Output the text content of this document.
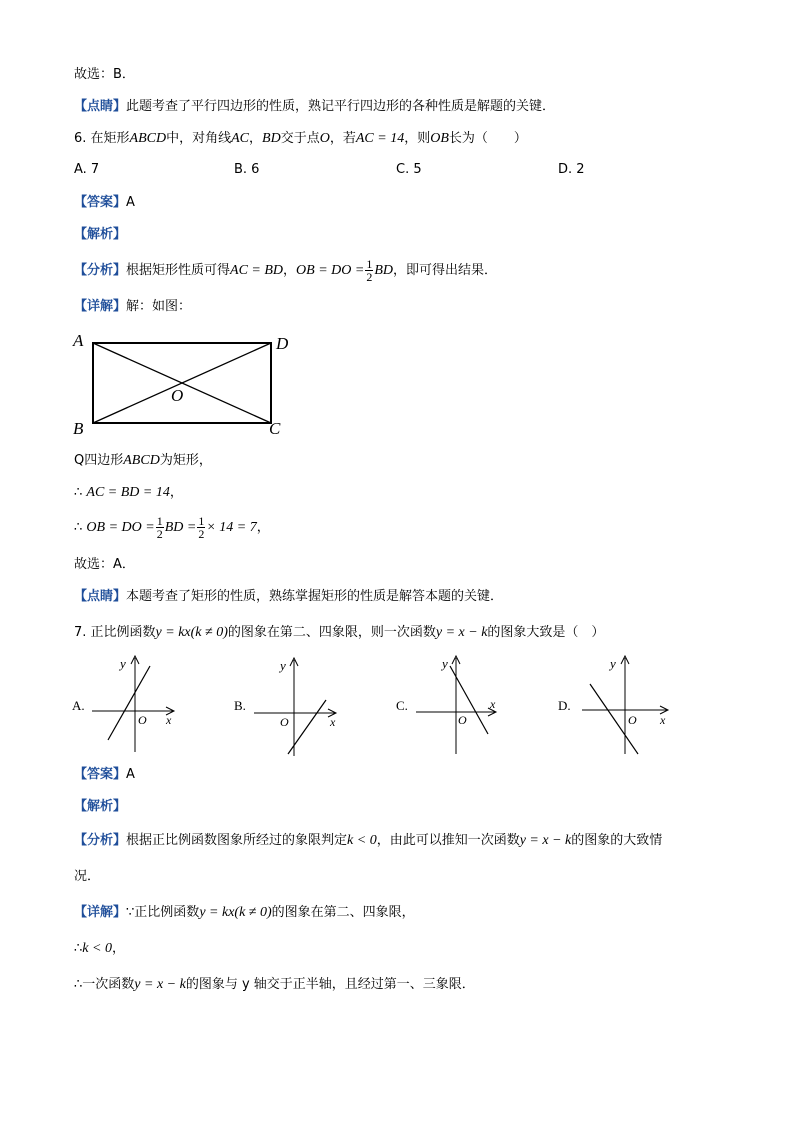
故选：B．
【点睛】此题考查了平行四边形的性质，熟记平行四边形的各种性质是解题的关键．
6. 在矩形ABCD中，对角线AC，BD交于点O，若AC = 14，则OB长为（　　）
A. 7	B. 6	C. 5	D. 2
【答案】A
【解析】
【分析】根据矩形性质可得AC = BD，OB = DO = $\frac{1}{2}$ BD，即可得出结果．
【详解】解：如图：
A	D
O
B	C
Q四边形ABCD为矩形，
∴ AC = BD = 14，
∴ OB = DO = $\frac{1}{2}$ BD = $\frac{1}{2} \times 14 = 7$，
故选：A．
【点睛】本题考查了矩形的性质，熟练掌握矩形的性质是解答本题的关键．
7. 正比例函数y = kx(k ≠ 0)的图象在第二、四象限，则一次函数y = x − k的图象大致是（　）
A.
y
O x
B.
y
O	x
C.
y
O
x	D.
y
O x
【答案】A
【解析】
【分析】根据正比例函数图象所经过的象限判定k < 0，由此可以推知一次函数y = x − k的图象的大致情
况．
【详解】∵正比例函数y = kx(k ≠ 0)的图象在第二、四象限，
∴k < 0，
∴一次函数y = x − k的图象与 y 轴交于正半轴，且经过第一、三象限．
